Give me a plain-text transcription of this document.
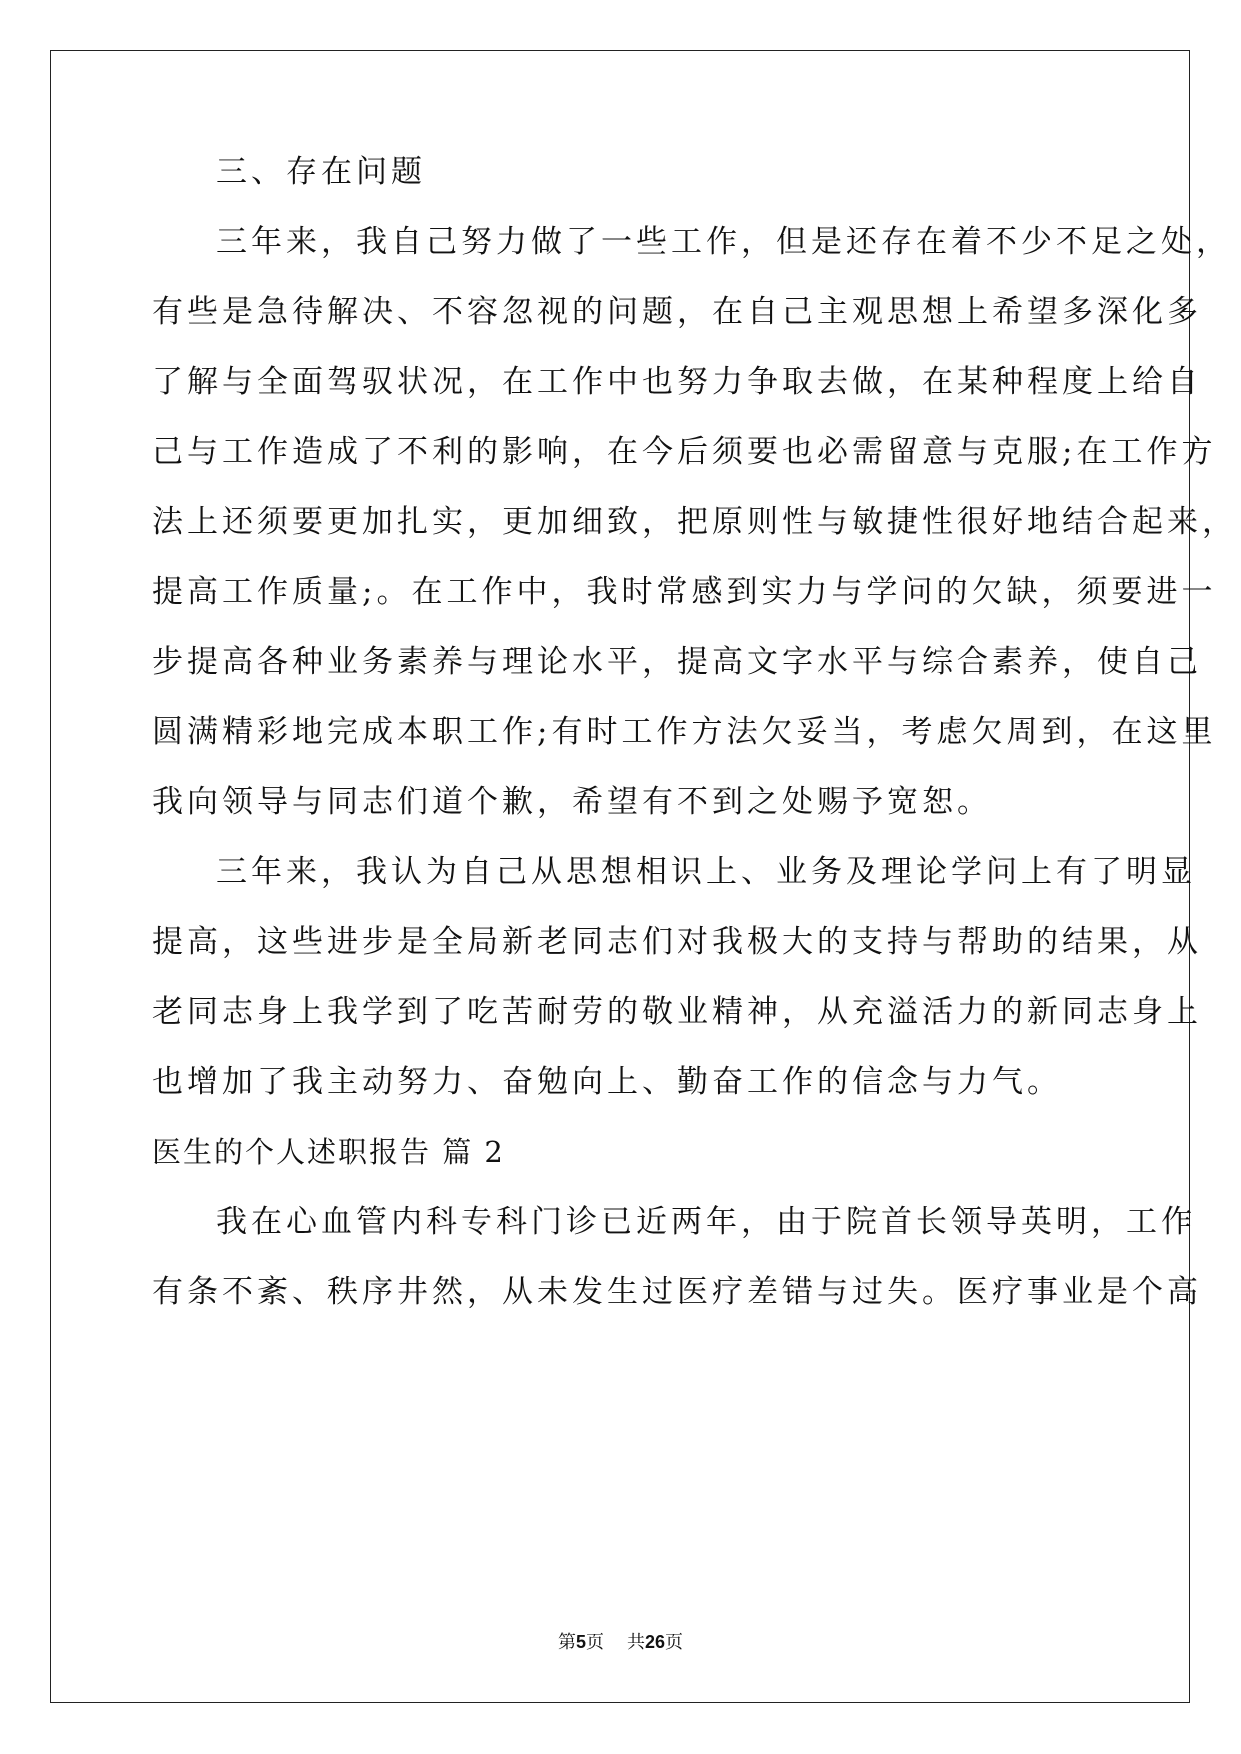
三、存在问题
三年来，我自己努力做了一些工作，但是还存在着不少不足之处，
有些是急待解决、不容忽视的问题，在自己主观思想上希望多深化多
了解与全面驾驭状况，在工作中也努力争取去做，在某种程度上给自
己与工作造成了不利的影响，在今后须要也必需留意与克服;在工作方
法上还须要更加扎实，更加细致，把原则性与敏捷性很好地结合起来，
提高工作质量;。在工作中，我时常感到实力与学问的欠缺，须要进一
步提高各种业务素养与理论水平，提高文字水平与综合素养，使自己
圆满精彩地完成本职工作;有时工作方法欠妥当，考虑欠周到，在这里
我向领导与同志们道个歉，希望有不到之处赐予宽恕。
三年来，我认为自己从思想相识上、业务及理论学问上有了明显
提高，这些进步是全局新老同志们对我极大的支持与帮助的结果，从
老同志身上我学到了吃苦耐劳的敬业精神，从充溢活力的新同志身上
也增加了我主动努力、奋勉向上、勤奋工作的信念与力气。
医生的个人述职报告 篇 2
我在心血管内科专科门诊已近两年，由于院首长领导英明，工作
有条不紊、秩序井然，从未发生过医疗差错与过失。医疗事业是个高
第5页 共26页
